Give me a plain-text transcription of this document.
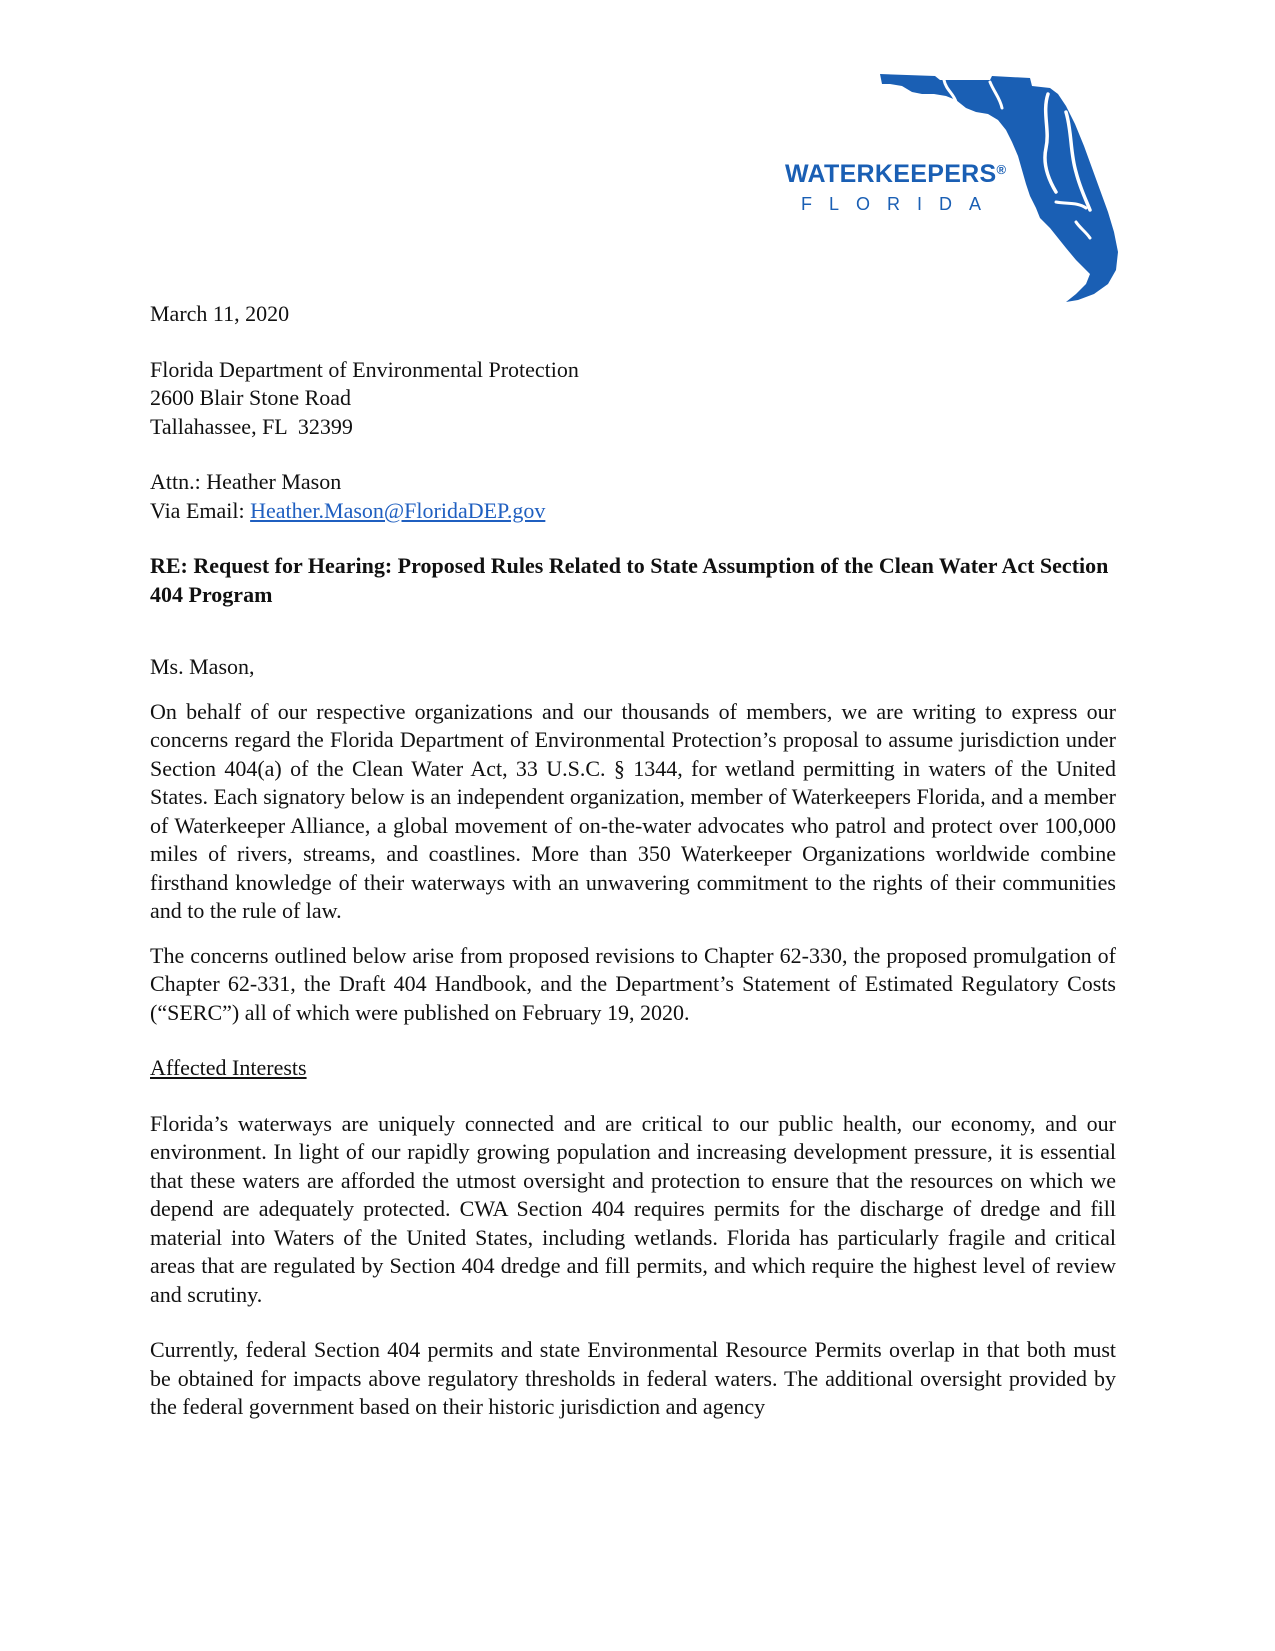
WATERKEEPERS®
FLORIDA

March 11, 2020

Florida Department of Environmental Protection
2600 Blair Stone Road
Tallahassee, FL  32399

Attn.: Heather Mason
Via Email: Heather.Mason@FloridaDEP.gov

RE: Request for Hearing: Proposed Rules Related to State Assumption of the Clean Water Act Section 404 Program

Ms. Mason,

On behalf of our respective organizations and our thousands of members, we are writing to express our concerns regard the Florida Department of Environmental Protection’s proposal to assume jurisdiction under Section 404(a) of the Clean Water Act, 33 U.S.C. § 1344, for wetland permitting in waters of the United States. Each signatory below is an independent organization, member of Waterkeepers Florida, and a member of Waterkeeper Alliance, a global movement of on-the-water advocates who patrol and protect over 100,000 miles of rivers, streams, and coastlines. More than 350 Waterkeeper Organizations worldwide combine firsthand knowledge of their waterways with an unwavering commitment to the rights of their communities and to the rule of law.

The concerns outlined below arise from proposed revisions to Chapter 62-330, the proposed promulgation of Chapter 62-331, the Draft 404 Handbook, and the Department’s Statement of Estimated Regulatory Costs (“SERC”) all of which were published on February 19, 2020.

Affected Interests

Florida’s waterways are uniquely connected and are critical to our public health, our economy, and our environment. In light of our rapidly growing population and increasing development pressure, it is essential that these waters are afforded the utmost oversight and protection to ensure that the resources on which we depend are adequately protected. CWA Section 404 requires permits for the discharge of dredge and fill material into Waters of the United States, including wetlands. Florida has particularly fragile and critical areas that are regulated by Section 404 dredge and fill permits, and which require the highest level of review and scrutiny.

Currently, federal Section 404 permits and state Environmental Resource Permits overlap in that both must be obtained for impacts above regulatory thresholds in federal waters. The additional oversight provided by the federal government based on their historic jurisdiction and agency
